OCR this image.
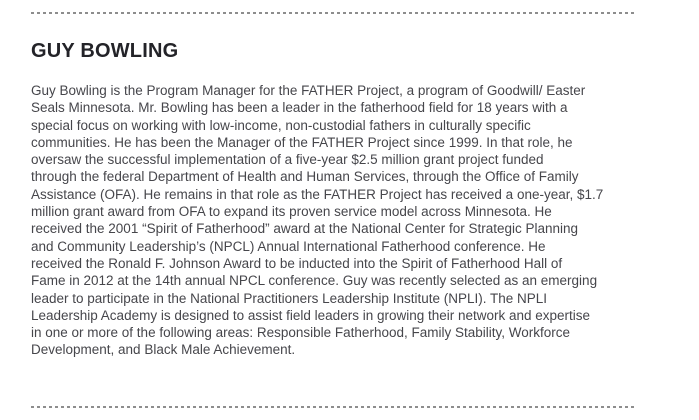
GUY BOWLING
Guy Bowling is the Program Manager for the FATHER Project, a program of Goodwill/ Easter
Seals Minnesota. Mr. Bowling has been a leader in the fatherhood field for 18 years with a
special focus on working with low-income, non-custodial fathers in culturally specific
communities. He has been the Manager of the FATHER Project since 1999. In that role, he
oversaw the successful implementation of a five-year $2.5 million grant project funded
through the federal Department of Health and Human Services, through the Office of Family
Assistance (OFA). He remains in that role as the FATHER Project has received a one-year, $1.7
million grant award from OFA to expand its proven service model across Minnesota. He
received the 2001 “Spirit of Fatherhood” award at the National Center for Strategic Planning
and Community Leadership’s (NPCL) Annual International Fatherhood conference. He
received the Ronald F. Johnson Award to be inducted into the Spirit of Fatherhood Hall of
Fame in 2012 at the 14th annual NPCL conference. Guy was recently selected as an emerging
leader to participate in the National Practitioners Leadership Institute (NPLI). The NPLI
Leadership Academy is designed to assist field leaders in growing their network and expertise
in one or more of the following areas: Responsible Fatherhood, Family Stability, Workforce
Development, and Black Male Achievement.
